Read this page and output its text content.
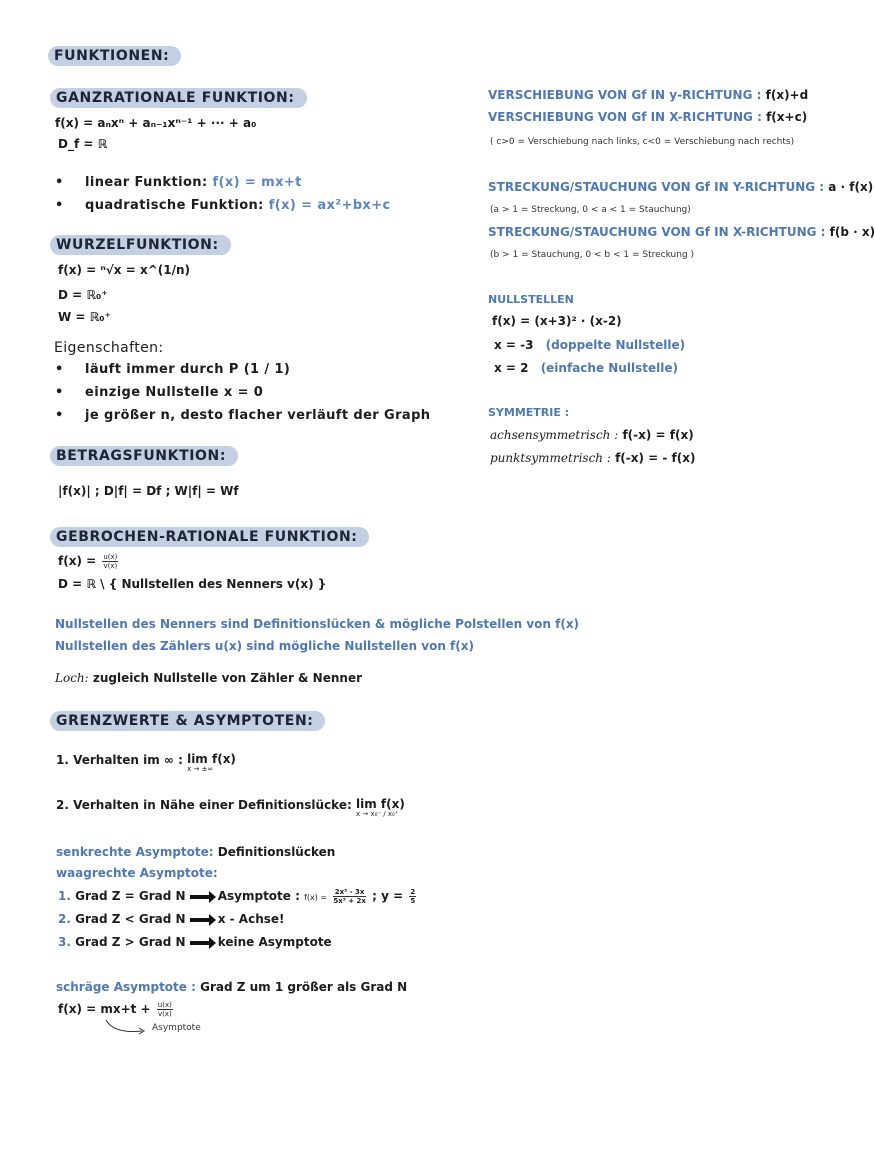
FUNKTIONEN:
GANZRATIONALE FUNKTION:
f(x) = aₙxⁿ + aₙ₋₁xⁿ⁻¹ + ··· + a₀
D_f = ℝ
• linear Funktion: f(x) = mx+t
• quadratische Funktion: f(x) = ax²+bx+c
WURZELFUNKTION:
f(x) = ⁿ√x = x^(1/n)
D = ℝ₀⁺
W = ℝ₀⁺
Eigenschaften:
• läuft immer durch P (1 / 1)
• einzige Nullstelle x = 0
• je größer n, desto flacher verläuft der Graph
BETRAGSFUNKTION:
|f(x)| ; D|f| = Df ; W|f| = Wf
GEBROCHEN-RATIONALE FUNKTION:
$f(x) = \frac{u(x)}{v(x)}$
D = ℝ \ { Nullstellen des Nenners v(x) }
Nullstellen des Nenners sind Definitionslücken & mögliche Polstellen von f(x)
Nullstellen des Zählers u(x) sind mögliche Nullstellen von f(x)
Loch: zugleich Nullstelle von Zähler & Nenner
GRENZWERTE & ASYMPTOTEN:
1. Verhalten im ∞ : lim f(x)
x → ±∞
2. Verhalten in Nähe einer Definitionslücke: lim f(x)
x → x₀⁻ / x₀⁺
senkrechte Asymptote: Definitionslücken
waagrechte Asymptote:
1. Grad Z = Grad N	Asymptote : $f(x) = \frac{\text{2x³ - 3x}}{\text{5x³ + 2x}}$ ; $y = \frac{2}{5}$
2. Grad Z < Grad N	x - Achse!
3. Grad Z > Grad N	keine Asymptote
schräge Asymptote : Grad Z um 1 größer als Grad N
$f(x) = mx+t + \frac{u(x)}{v(x)}$
Asymptote
VERSCHIEBUNG VON Gf IN y-RICHTUNG : f(x)+d
VERSCHIEBUNG VON Gf IN X-RICHTUNG : f(x+c)
( c>0 = Verschiebung nach links, c<0 = Verschiebung nach rechts)
STRECKUNG/STAUCHUNG VON Gf IN Y-RICHTUNG : a · f(x)
(a > 1 = Streckung, 0 < a < 1 = Stauchung)
STRECKUNG/STAUCHUNG VON Gf IN X-RICHTUNG : f(b · x)
(b > 1 = Stauchung, 0 < b < 1 = Streckung )
NULLSTELLEN
f(x) = (x+3)² · (x-2)
x = -3 (doppelte Nullstelle)
x = 2 (einfache Nullstelle)
SYMMETRIE :
achsensymmetrisch : f(-x) = f(x)
punktsymmetrisch : f(-x) = - f(x)
